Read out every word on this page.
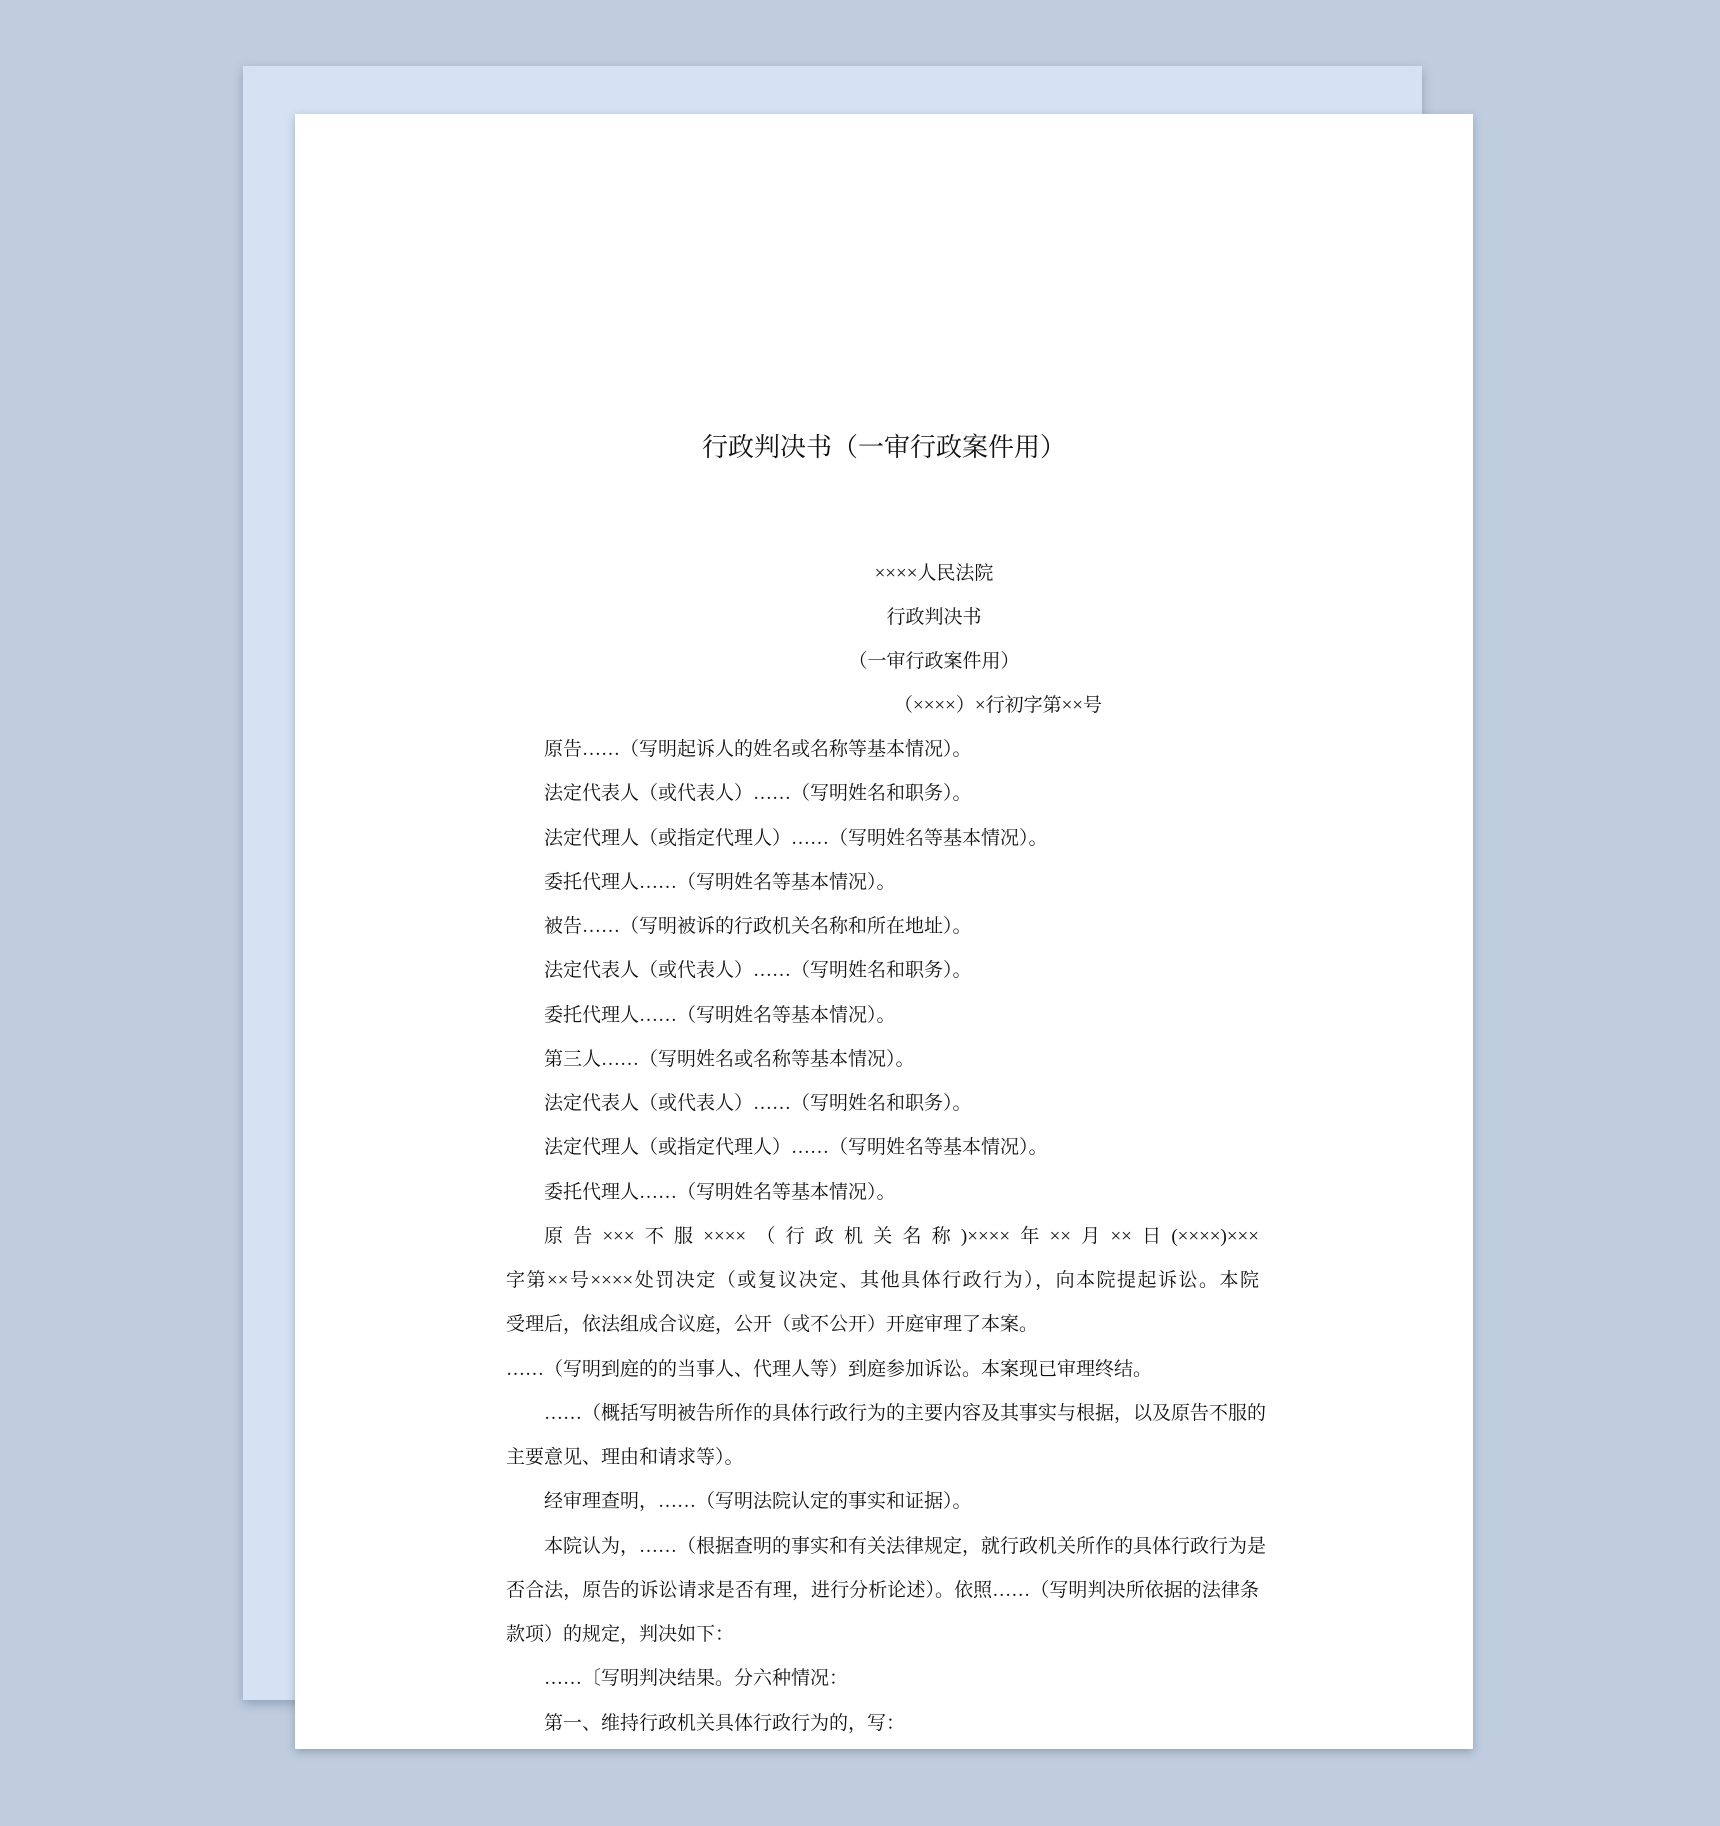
行政判决书（一审行政案件用）
××××人民法院
行政判决书
（一审行政案件用）
（××××）×行初字第××号
原告……（写明起诉人的姓名或名称等基本情况）。
法定代表人（或代表人）……（写明姓名和职务）。
法定代理人（或指定代理人）……（写明姓名等基本情况）。
委托代理人……（写明姓名等基本情况）。
被告……（写明被诉的行政机关名称和所在地址）。
法定代表人（或代表人）……（写明姓名和职务）。
委托代理人……（写明姓名等基本情况）。
第三人……（写明姓名或名称等基本情况）。
法定代表人（或代表人）……（写明姓名和职务）。
法定代理人（或指定代理人）……（写明姓名等基本情况）。
委托代理人……（写明姓名等基本情况）。
原告×××不服××××（行政机关名称)××××年××月××日(××××)×××
字第××号××××处罚决定（或复议决定、其他具体行政行为），向本院提起诉讼。本院
受理后，依法组成合议庭，公开（或不公开）开庭审理了本案。
……（写明到庭的的当事人、代理人等）到庭参加诉讼。本案现已审理终结。
……（概括写明被告所作的具体行政行为的主要内容及其事实与根据，以及原告不服的
主要意见、理由和请求等）。
经审理查明，……（写明法院认定的事实和证据）。
本院认为，……（根据查明的事实和有关法律规定，就行政机关所作的具体行政行为是
否合法，原告的诉讼请求是否有理，进行分析论述）。依照……（写明判决所依据的法律条
款项）的规定，判决如下：
……〔写明判决结果。分六种情况：
第一、维持行政机关具体行政行为的，写：
